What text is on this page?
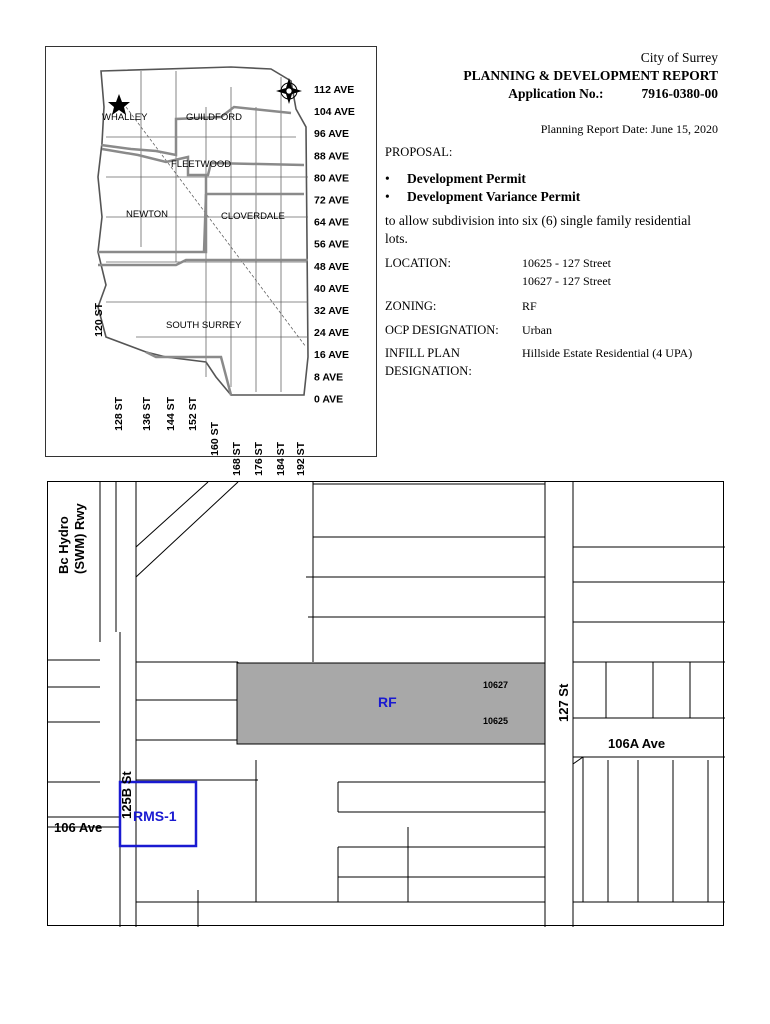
WHALLEY	GUILDFORD
FLEETWOOD
NEWTON	CLOVERDALE
SOUTH SURREY
112 AVE
104 AVE
96 AVE
88 AVE
80 AVE
72 AVE
64 AVE
56 AVE
48 AVE
40 AVE
32 AVE
24 AVE
16 AVE
8 AVE
0 AVE
120 ST
128 ST 136 ST 144 ST 152 ST
160 ST
168 ST 176 ST 184 ST 192 ST
City of Surrey
PLANNING & DEVELOPMENT REPORT
Application No.:	7916-0380-00
Planning Report Date: June 15, 2020
PROPOSAL:
•	Development Permit
•	Development Variance Permit
to allow subdivision into six (6) single family residential lots.
LOCATION:	10625 - 127 Street
10627 - 127 Street
ZONING:	RF
OCP DESIGNATION:	Urban
INFILL PLAN
DESIGNATION:
Hillside Estate Residential (4 UPA)
Bc Hydro (SWM) Rwy
125B St
127 St
106A Ave
106 Ave
10627
10625
RF
RMS-1
